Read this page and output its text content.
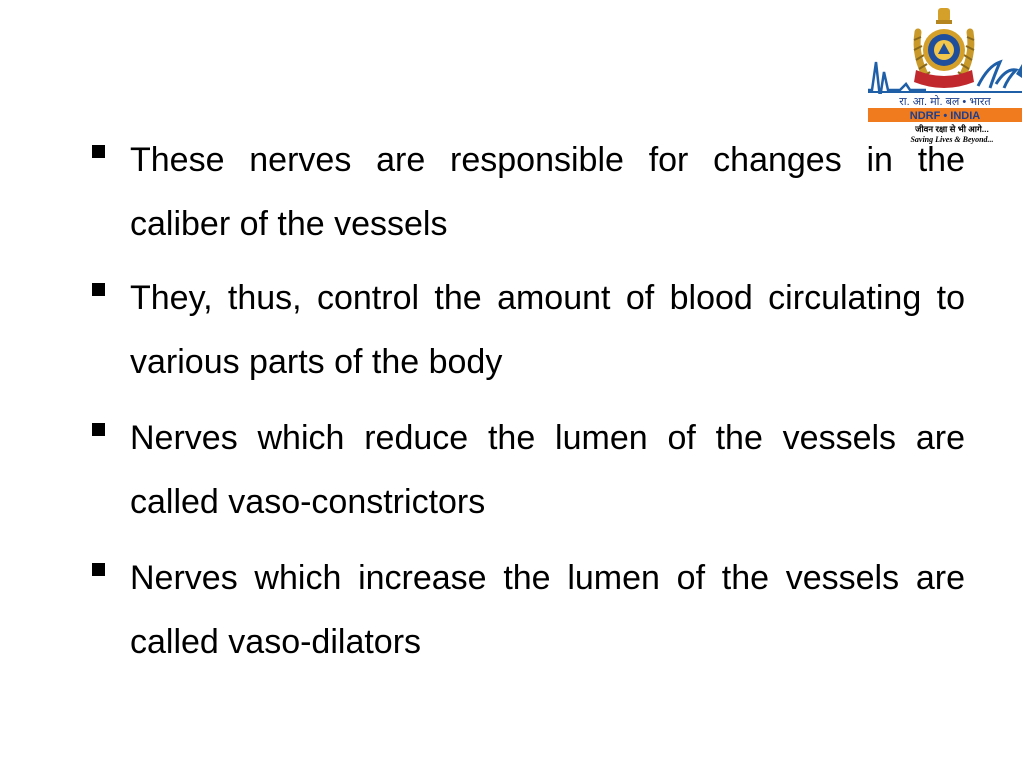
रा. आ. मो. बल • भारत
NDRF • INDIA
जीवन रक्षा से भी आगे...
Saving Lives & Beyond...
These nerves are responsible for changes in the caliber of the vessels
They, thus, control the amount of blood circulating to various parts of the body
Nerves which reduce the lumen of the vessels are called vaso-constrictors
Nerves which increase the lumen of the vessels are called vaso-dilators
